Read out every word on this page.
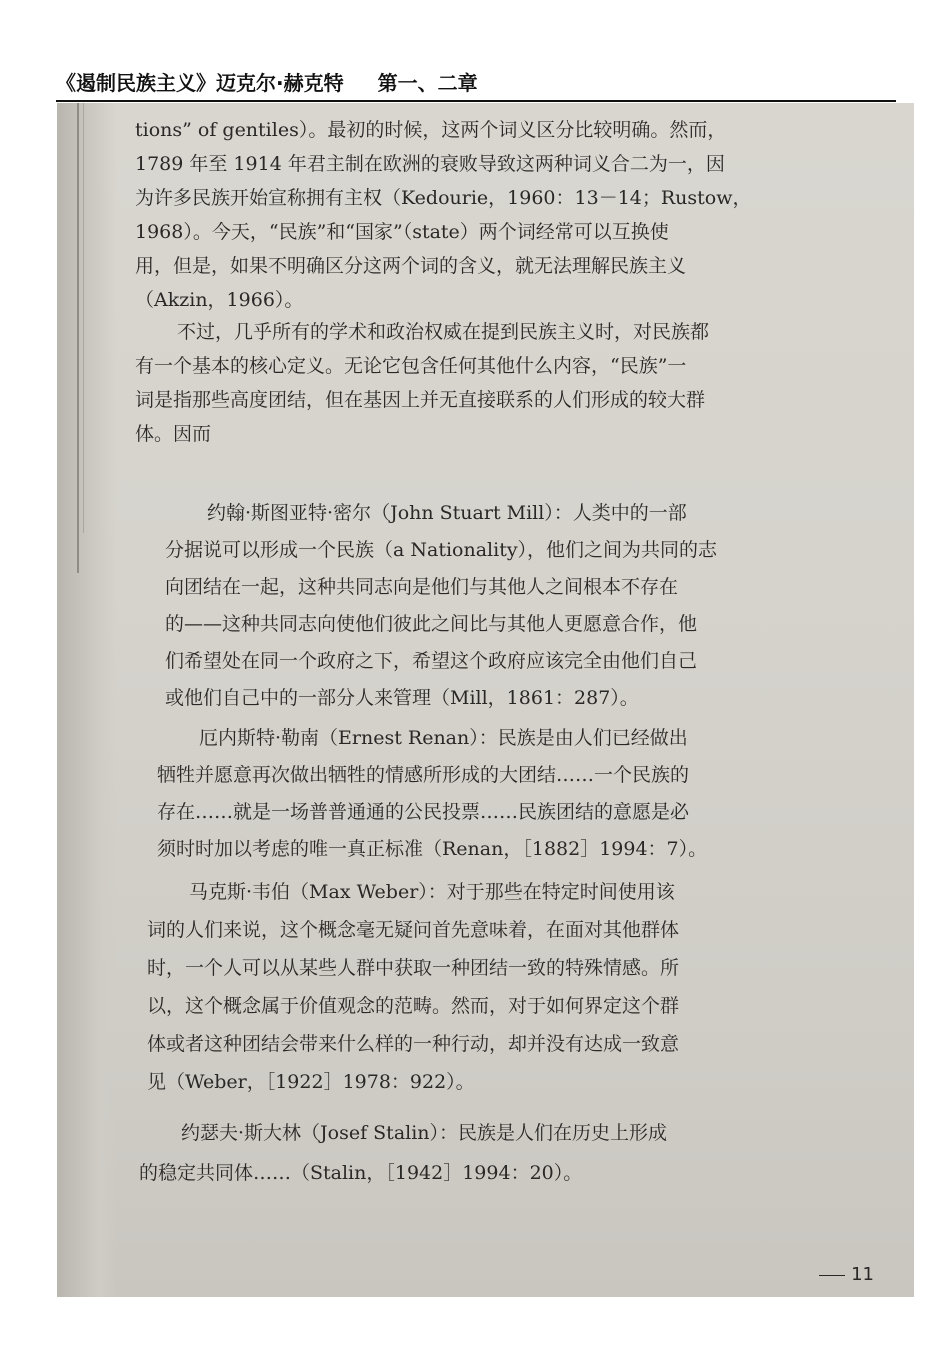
《遏制民族主义》迈克尔·赫克特 第一、二章
tions” of gentiles）。最初的时候，这两个词义区分比较明确。然而，
1789 年至 1914 年君主制在欧洲的衰败导致这两种词义合二为一，因
为许多民族开始宣称拥有主权（Kedourie，1960：13－14；Rustow，
1968）。今天，“民族”和“国家”（state）两个词经常可以互换使
用，但是，如果不明确区分这两个词的含义，就无法理解民族主义
（Akzin，1966）。
不过，几乎所有的学术和政治权威在提到民族主义时，对民族都
有一个基本的核心定义。无论它包含任何其他什么内容，“民族”一
词是指那些高度团结，但在基因上并无直接联系的人们形成的较大群
体。因而
约翰·斯图亚特·密尔（John Stuart Mill）：人类中的一部
分据说可以形成一个民族（a Nationality），他们之间为共同的志
向团结在一起，这种共同志向是他们与其他人之间根本不存在
的——这种共同志向使他们彼此之间比与其他人更愿意合作，他
们希望处在同一个政府之下，希望这个政府应该完全由他们自己
或他们自己中的一部分人来管理（Mill，1861：287）。
厄内斯特·勒南（Ernest Renan）：民族是由人们已经做出
牺牲并愿意再次做出牺牲的情感所形成的大团结……一个民族的
存在……就是一场普普通通的公民投票……民族团结的意愿是必
须时时加以考虑的唯一真正标准（Renan，［1882］1994：7）。
马克斯·韦伯（Max Weber）：对于那些在特定时间使用该
词的人们来说，这个概念毫无疑问首先意味着，在面对其他群体
时，一个人可以从某些人群中获取一种团结一致的特殊情感。所
以，这个概念属于价值观念的范畴。然而，对于如何界定这个群
体或者这种团结会带来什么样的一种行动，却并没有达成一致意
见（Weber，［1922］1978：922）。
约瑟夫·斯大林（Josef Stalin）：民族是人们在历史上形成
的稳定共同体……（Stalin，［1942］1994：20）。
11
